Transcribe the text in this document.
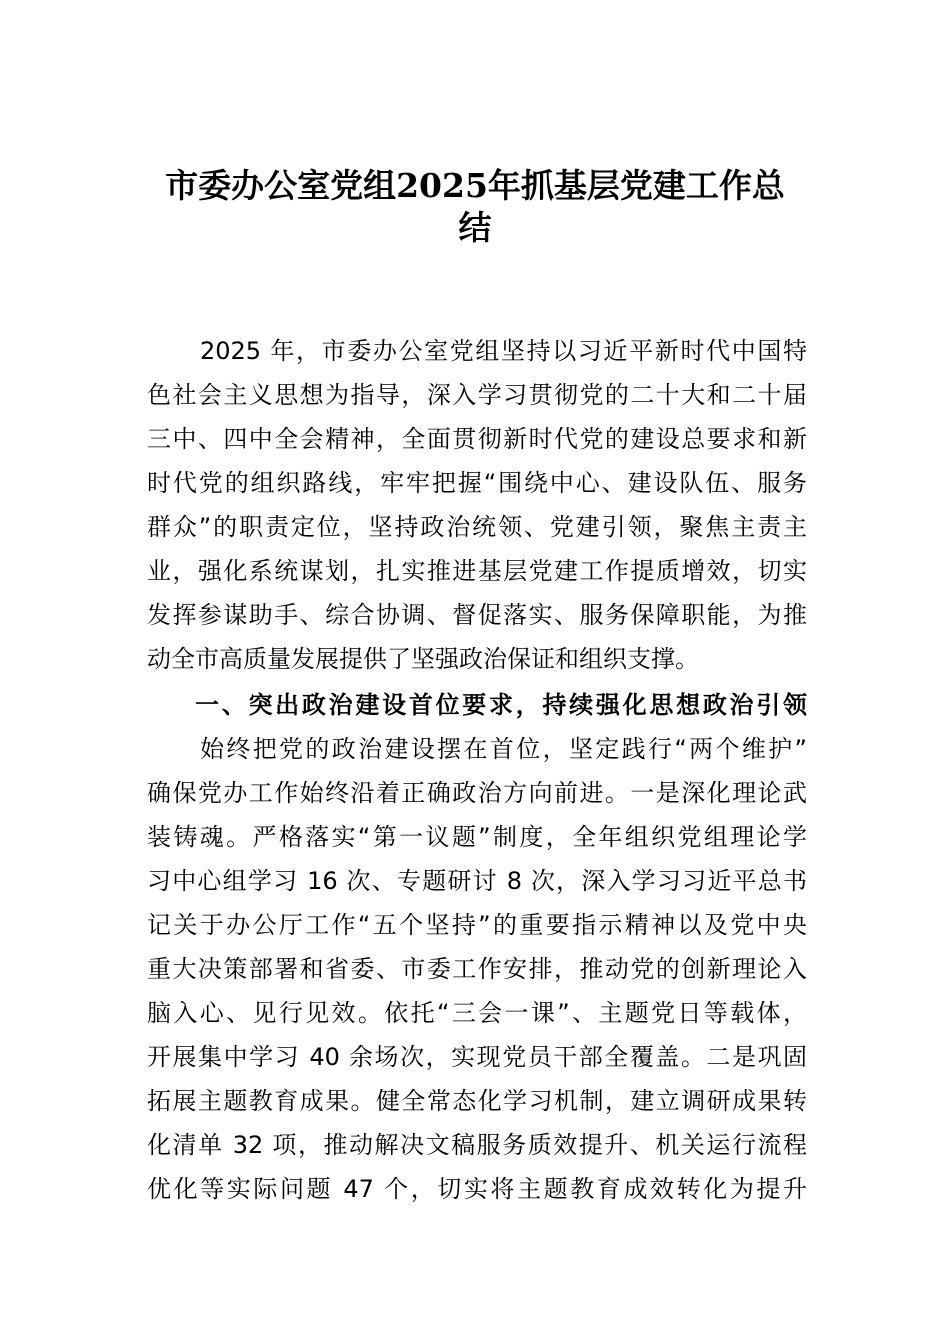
市委办公室党组2025年抓基层党建工作总
结
2025 年，市委办公室党组坚持以习近平新时代中国特
色社会主义思想为指导，深入学习贯彻党的二十大和二十届
三中、四中全会精神，全面贯彻新时代党的建设总要求和新
时代党的组织路线，牢牢把握“围绕中心、建设队伍、服务
群众”的职责定位，坚持政治统领、党建引领，聚焦主责主
业，强化系统谋划，扎实推进基层党建工作提质增效，切实
发挥参谋助手、综合协调、督促落实、服务保障职能，为推
动全市高质量发展提供了坚强政治保证和组织支撑。
一、突出政治建设首位要求，持续强化思想政治引领
始终把党的政治建设摆在首位，坚定践行“两个维护”
确保党办工作始终沿着正确政治方向前进。一是深化理论武
装铸魂。严格落实“第一议题”制度，全年组织党组理论学
习中心组学习 16 次、专题研讨 8 次，深入学习习近平总书
记关于办公厅工作“五个坚持”的重要指示精神以及党中央
重大决策部署和省委、市委工作安排，推动党的创新理论入
脑入心、见行见效。依托“三会一课”、主题党日等载体，
开展集中学习 40 余场次，实现党员干部全覆盖。二是巩固
拓展主题教育成果。健全常态化学习机制，建立调研成果转
化清单 32 项，推动解决文稿服务质效提升、机关运行流程
优化等实际问题 47 个，切实将主题教育成效转化为提升
